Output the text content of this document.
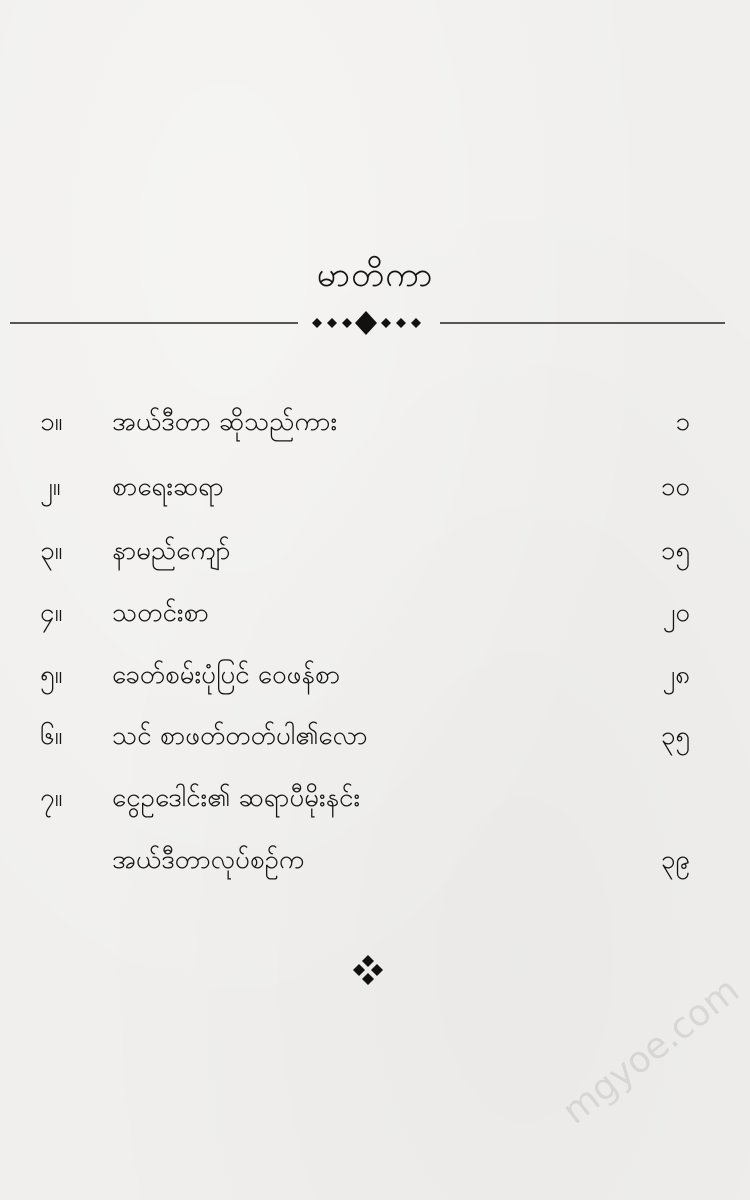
မာတိကာ
၁။	အယ်ဒီတာ ဆိုသည်ကား	၁
၂။	စာရေးဆရာ	၁၀
၃။	နာမည်ကျော်	၁၅
၄။	သတင်းစာ	၂၀
၅။	ခေတ်စမ်းပုံပြင် ဝေဖန်စာ	၂၈
၆။	သင် စာဖတ်တတ်ပါ၏လော	၃၅
၇။	ငွေဥဒေါင်း၏ ဆရာပီမိုးနင်း
အယ်ဒီတာလုပ်စဉ်က	၃၉
mgyoe.com
